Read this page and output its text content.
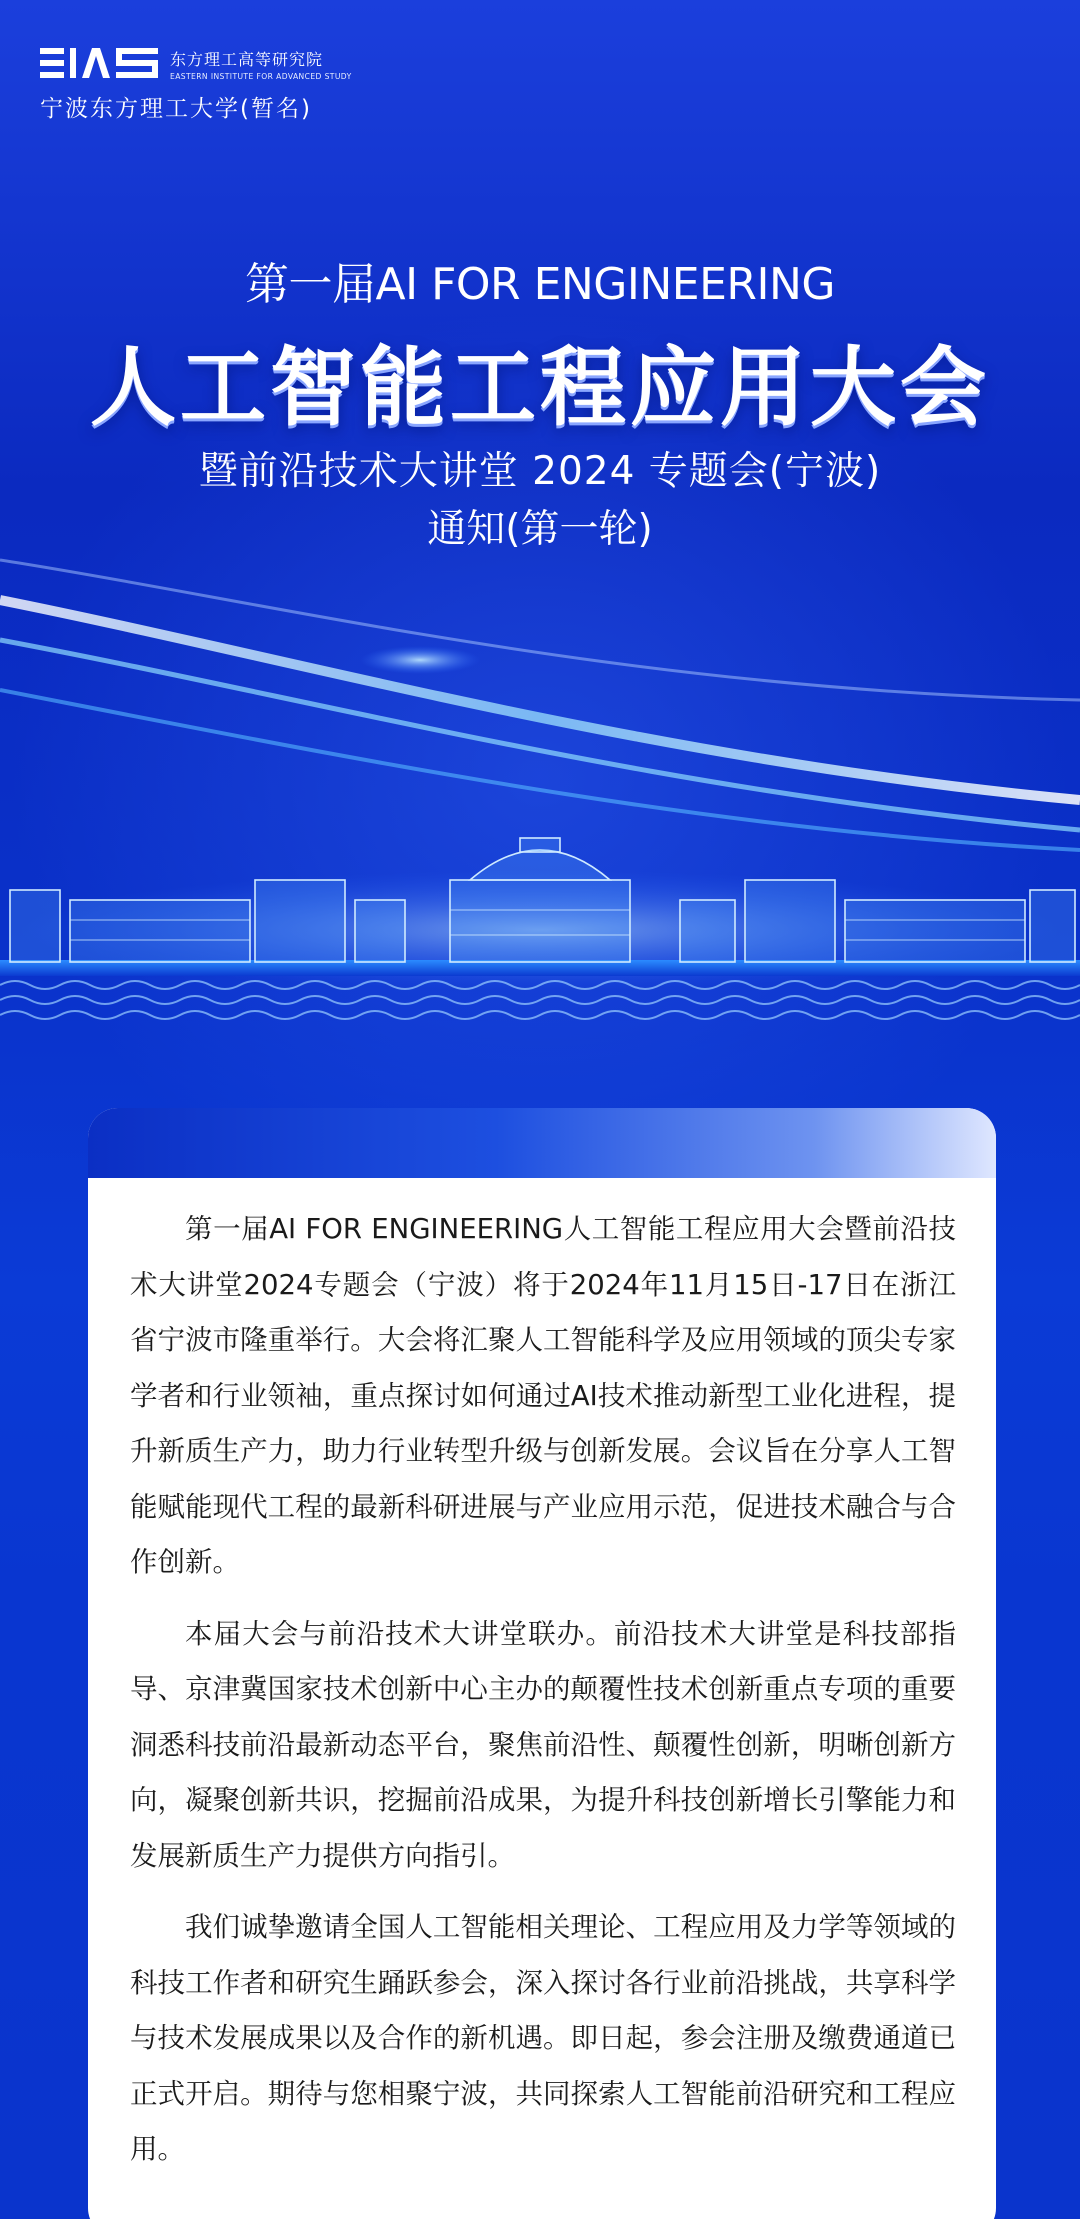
东方理工高等研究院
EASTERN INSTITUTE FOR ADVANCED STUDY
宁波东方理工大学(暂名)
第一届AI FOR ENGINEERING
人工智能工程应用大会
暨前沿技术大讲堂 2024 专题会(宁波)
通知(第一轮)

第一届AI FOR ENGINEERING人工智能工程应用大会暨前沿技术大讲堂2024专题会（宁波）将于2024年11月15日-17日在浙江省宁波市隆重举行。大会将汇聚人工智能科学及应用领域的顶尖专家学者和行业领袖，重点探讨如何通过AI技术推动新型工业化进程，提升新质生产力，助力行业转型升级与创新发展。会议旨在分享人工智能赋能现代工程的最新科研进展与产业应用示范，促进技术融合与合作创新。

本届大会与前沿技术大讲堂联办。前沿技术大讲堂是科技部指导、京津冀国家技术创新中心主办的颠覆性技术创新重点专项的重要洞悉科技前沿最新动态平台，聚焦前沿性、颠覆性创新，明晰创新方向，凝聚创新共识，挖掘前沿成果，为提升科技创新增长引擎能力和发展新质生产力提供方向指引。

我们诚挚邀请全国人工智能相关理论、工程应用及力学等领域的科技工作者和研究生踊跃参会，深入探讨各行业前沿挑战，共享科学与技术发展成果以及合作的新机遇。即日起，参会注册及缴费通道已正式开启。期待与您相聚宁波，共同探索人工智能前沿研究和工程应用。
